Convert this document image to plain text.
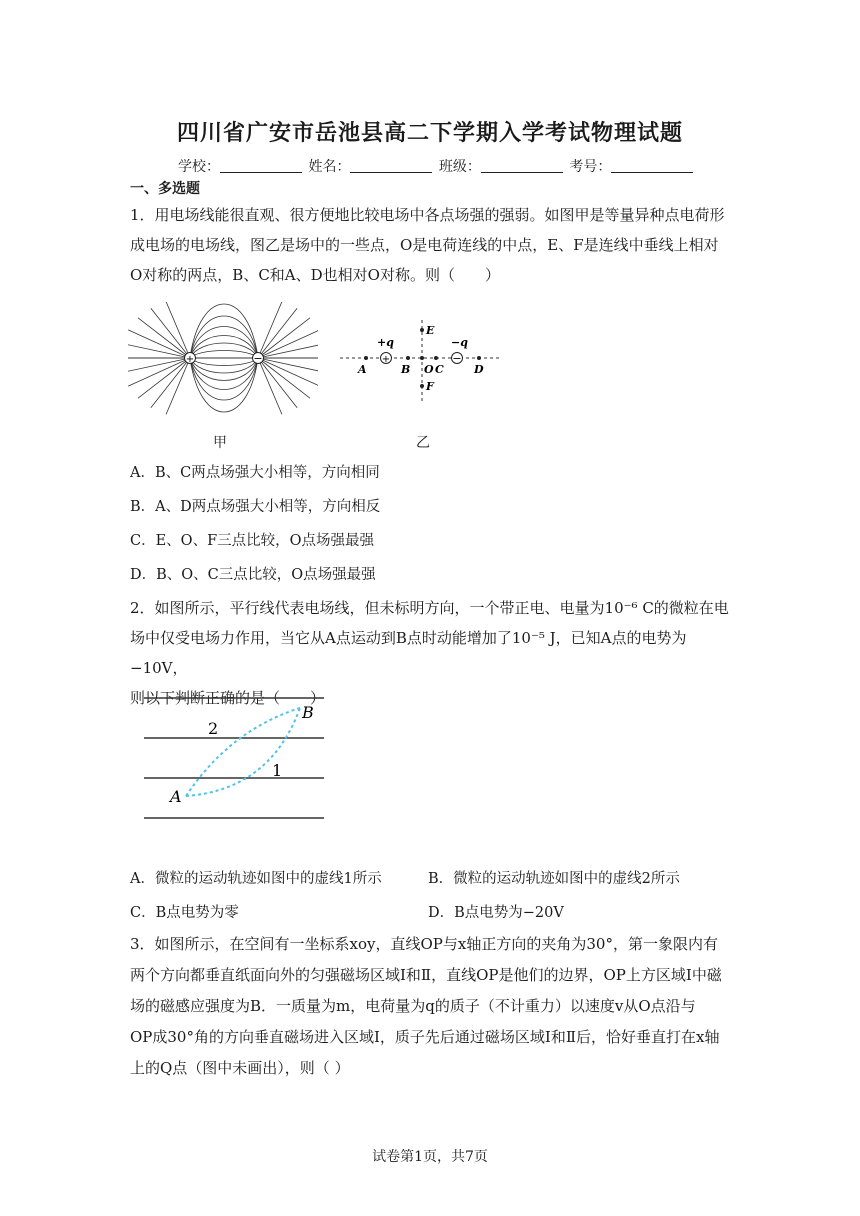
四川省广安市岳池县高二下学期入学考试物理试题
学校：	姓名：	班级：	考号：
一、多选题
1．用电场线能很直观、很方便地比较电场中各点场强的强弱。如图甲是等量异种点电荷形
成电场的电场线，图乙是场中的一些点，O是电荷连线的中点，E、F是连线中垂线上相对
O对称的两点，B、C和A、D也相对O对称。则（　　）
+	−
甲
+	−
+q	−q
A	B O C	D
E
F
乙
A．B、C两点场强大小相等，方向相同
B．A、D两点场强大小相等，方向相反
C．E、O、F三点比较，O点场强最强
D．B、O、C三点比较，O点场强最强
2．如图所示，平行线代表电场线，但未标明方向，一个带正电、电量为10⁻⁶ C的微粒在电
场中仅受电场力作用，当它从A点运动到B点时动能增加了10⁻⁵ J，已知A点的电势为−10V，
则以下判断正确的是（　　）
A
B
1
2
A．微粒的运动轨迹如图中的虚线1所示	B．微粒的运动轨迹如图中的虚线2所示
C．B点电势为零	D．B点电势为−20V
3．如图所示，在空间有一坐标系xoy，直线OP与x轴正方向的夹角为30°，第一象限内有
两个方向都垂直纸面向外的匀强磁场区域Ⅰ和Ⅱ，直线OP是他们的边界，OP上方区域Ⅰ中磁
场的磁感应强度为B．一质量为m，电荷量为q的质子（不计重力）以速度v从O点沿与
OP成30°角的方向垂直磁场进入区域Ⅰ，质子先后通过磁场区域Ⅰ和Ⅱ后，恰好垂直打在x轴
上的Q点（图中未画出），则（ ）
试卷第1页，共7页
